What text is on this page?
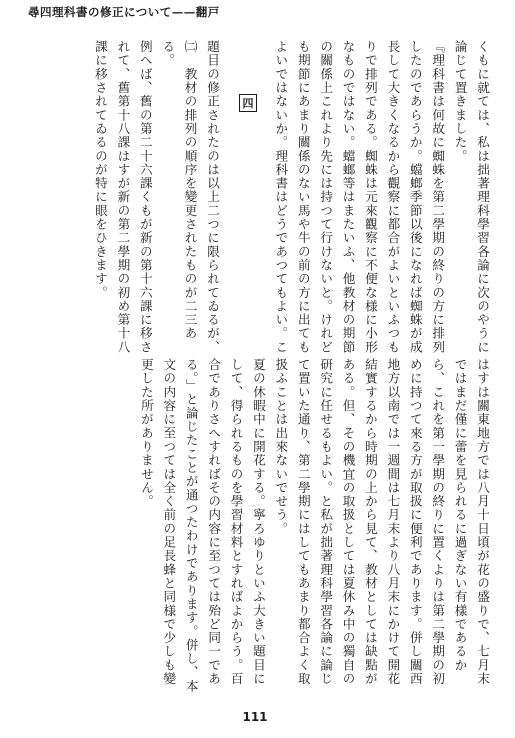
尋四理科書の修正について——翻戸

くもに就ては、私は拙著理科學習各論に次のやうに論じて置きました。

『理科書は何故に蜘蛛を第二學期の終りの方に排列したのであらうか。蟷螂季節以後になれば蜘蛛が成長して大きくなるから觀察に都合がよいといふつもりで排列である。蜘蛛は元來觀察に不便な様に小形なものではない。蟷螂等はまたいふ、他教材の期節の關係上これより先には持つて行けないと。けれども期節にあまり關係のない馬や牛の前の方に出てもよいではないか。理科書はどうであつてもよい。こ

四

題目の修正されたのは以上二つに限られてゐるが、

㈡　教材の排列の順序を變更されたものが二三ある。

例へば、舊の第二十六課くもが新の第十六課に移されて、舊第十八課はすが新の第二學期の初め第十八課に移されてゐるのが特に眼をひきます。

はすは關東地方では八月十日頃が花の盛りで、七月末ではまだ僅に蕾を見られるに過ぎない有樣であるから、これを第一學期の終りに置くよりは第二學期の初めに持つて來る方が取扱に便利であります。併し關西地方以南では一週間は七月末より八月末にかけて開花結實するから時期の上から見て、教材としては缺點がある。但、その機宜の取扱としては夏休み中の獨自の研究に任せるもよい。と私が拙著理科學習各論に論じて置いた通り、第二學期にはしてもあまり都合よく取扱ふことは出來ないでせう。

夏の休暇中に開花する。寧ろゆりといふ大きい題目にして、得られるものを學習材料とすればよからう。百合でありさへすればその内容に至つては殆ど同一である。」と論じたことが通つたわけであります。併し、本文の内容に至つては全く前の足長蜂と同様で少しも變更した所がありません。

111
